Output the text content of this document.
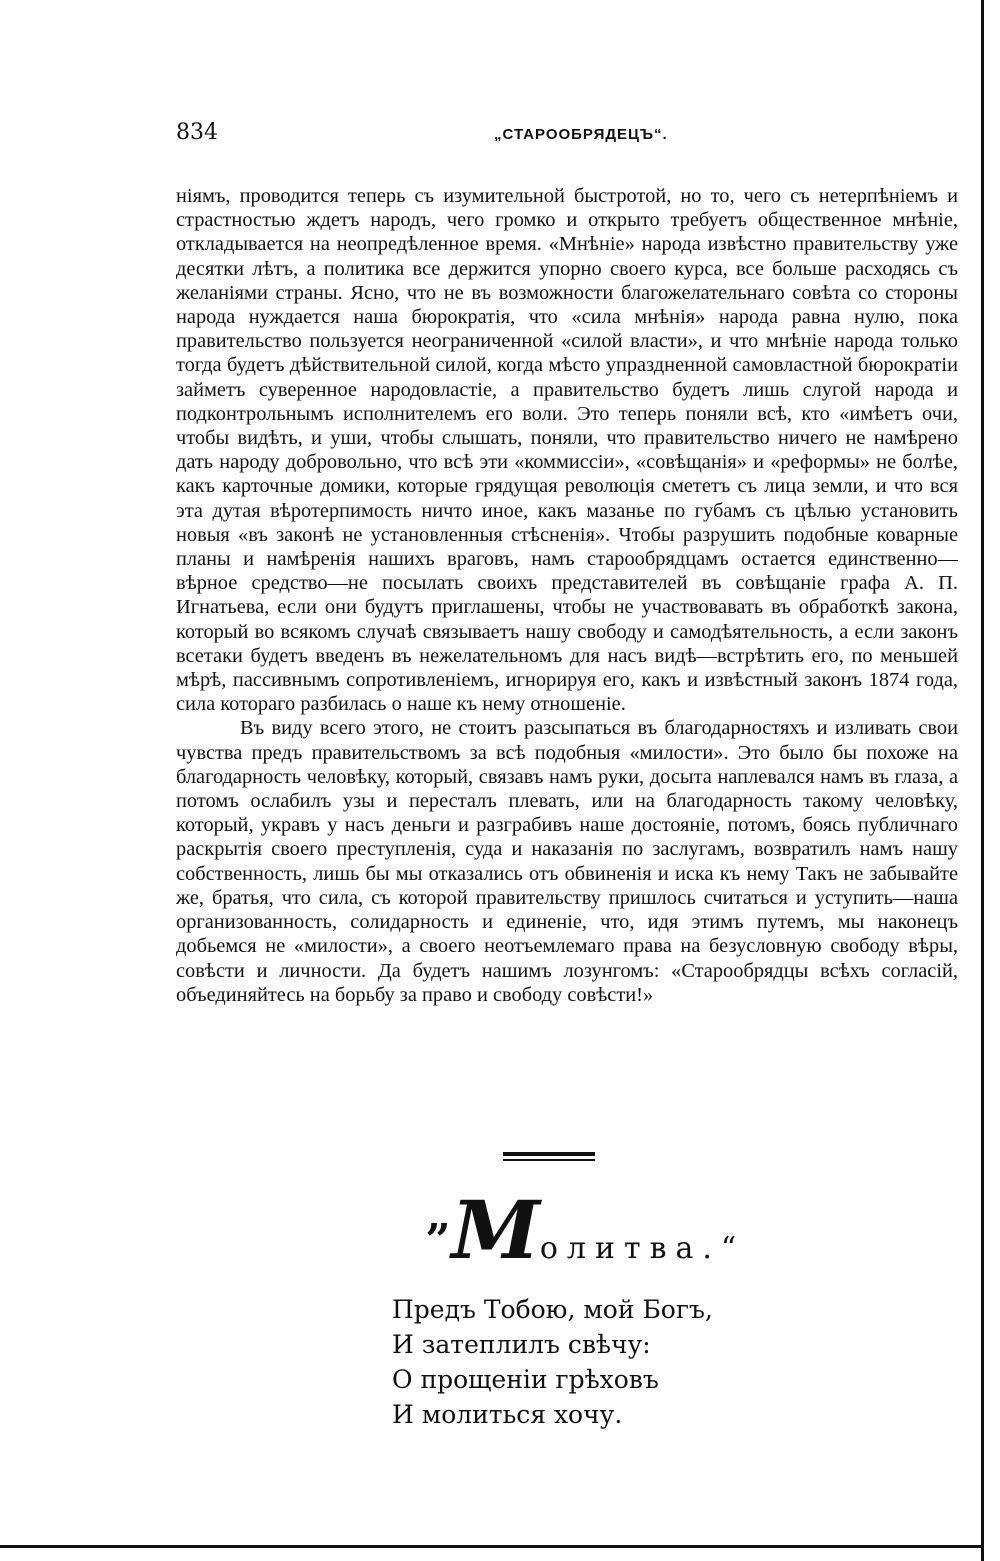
834	„СТАРООБРЯДЕЦЪ“.

ніямъ, проводится теперь съ изумительной быстротой, но то, чего съ нетерпѣніемъ и страстностью ждетъ народъ, чего громко и открыто требуетъ общественное мнѣніе, откладывается на неопредѣленное время. «Мнѣніе» народа извѣстно правительству уже десятки лѣтъ, а политика все держится упорно своего курса, все больше расходясь съ желаніями страны. Ясно, что не въ возможности благожелательнаго совѣта со стороны народа нуждается наша бюрократія, что «сила мнѣнія» народа равна нулю, пока правительство пользуется неограниченной «силой власти», и что мнѣніе народа только тогда будетъ дѣйствительной силой, когда мѣсто упраздненной самовластной бюрократіи займетъ суверенное народовластіе, а правительство будетъ лишь слугой народа и подконтрольнымъ исполнителемъ его воли. Это теперь поняли всѣ, кто «имѣетъ очи, чтобы видѣть, и уши, чтобы слышать, поняли, что правительство ничего не намѣрено дать народу добровольно, что всѣ эти «коммиссіи», «совѣщанія» и «реформы» не болѣе, какъ карточные домики, которые грядущая революція смететъ съ лица земли, и что вся эта дутая вѣротерпимость ничто иное, какъ мазанье по губамъ съ цѣлью установить новыя «въ законѣ не установленныя стѣсненія». Чтобы разрушить подобные коварные планы и намѣренія нашихъ враговъ, намъ старообрядцамъ остается единственно—вѣрное средство—не посылать своихъ представителей въ совѣщаніе графа А. П. Игнатьева, если они будутъ приглашены, чтобы не участвовавать въ обработкѣ закона, который во всякомъ случаѣ связываетъ нашу свободу и самодѣятельность, а если законъ всетаки будетъ введенъ въ нежелательномъ для насъ видѣ—встрѣтить его, по меньшей мѣрѣ, пассивнымъ сопротивленіемъ, игнорируя его, какъ и извѣстный законъ 1874 года, сила котораго разбилась о наше къ нему отношеніе.

Въ виду всего этого, не стоитъ разсыпаться въ благодарностяхъ и изливать свои чувства предъ правительствомъ за всѣ подобныя «милости». Это было бы похоже на благодарность человѣку, который, связавъ намъ руки, досыта наплевался намъ въ глаза, а потомъ ослабилъ узы и пересталъ плевать, или на благодарность такому человѣку, который, укравъ у насъ деньги и разграбивъ наше достояніе, потомъ, боясь публичнаго раскрытія своего преступленія, суда и наказанія по заслугамъ, возвратилъ намъ нашу собственность, лишь бы мы отказались отъ обвиненія и иска къ нему Такъ не забывайте же, братья, что сила, съ которой правительству пришлось считаться и уступить—наша организованность, солидарность и единеніе, что, идя этимъ путемъ, мы наконецъ добьемся не «милости», а своего неотъемлемаго права на безусловную свободу вѣры, совѣсти и личности. Да будетъ нашимъ лозунгомъ: «Старообрядцы всѣхъ согласій, объединяйтесь на борьбу за право и свободу совѣсти!»

„Молитва.“
Предъ Тобою, мой Богъ,
И затеплилъ свѣчу:
О прощеніи грѣховъ
И молиться хочу.
